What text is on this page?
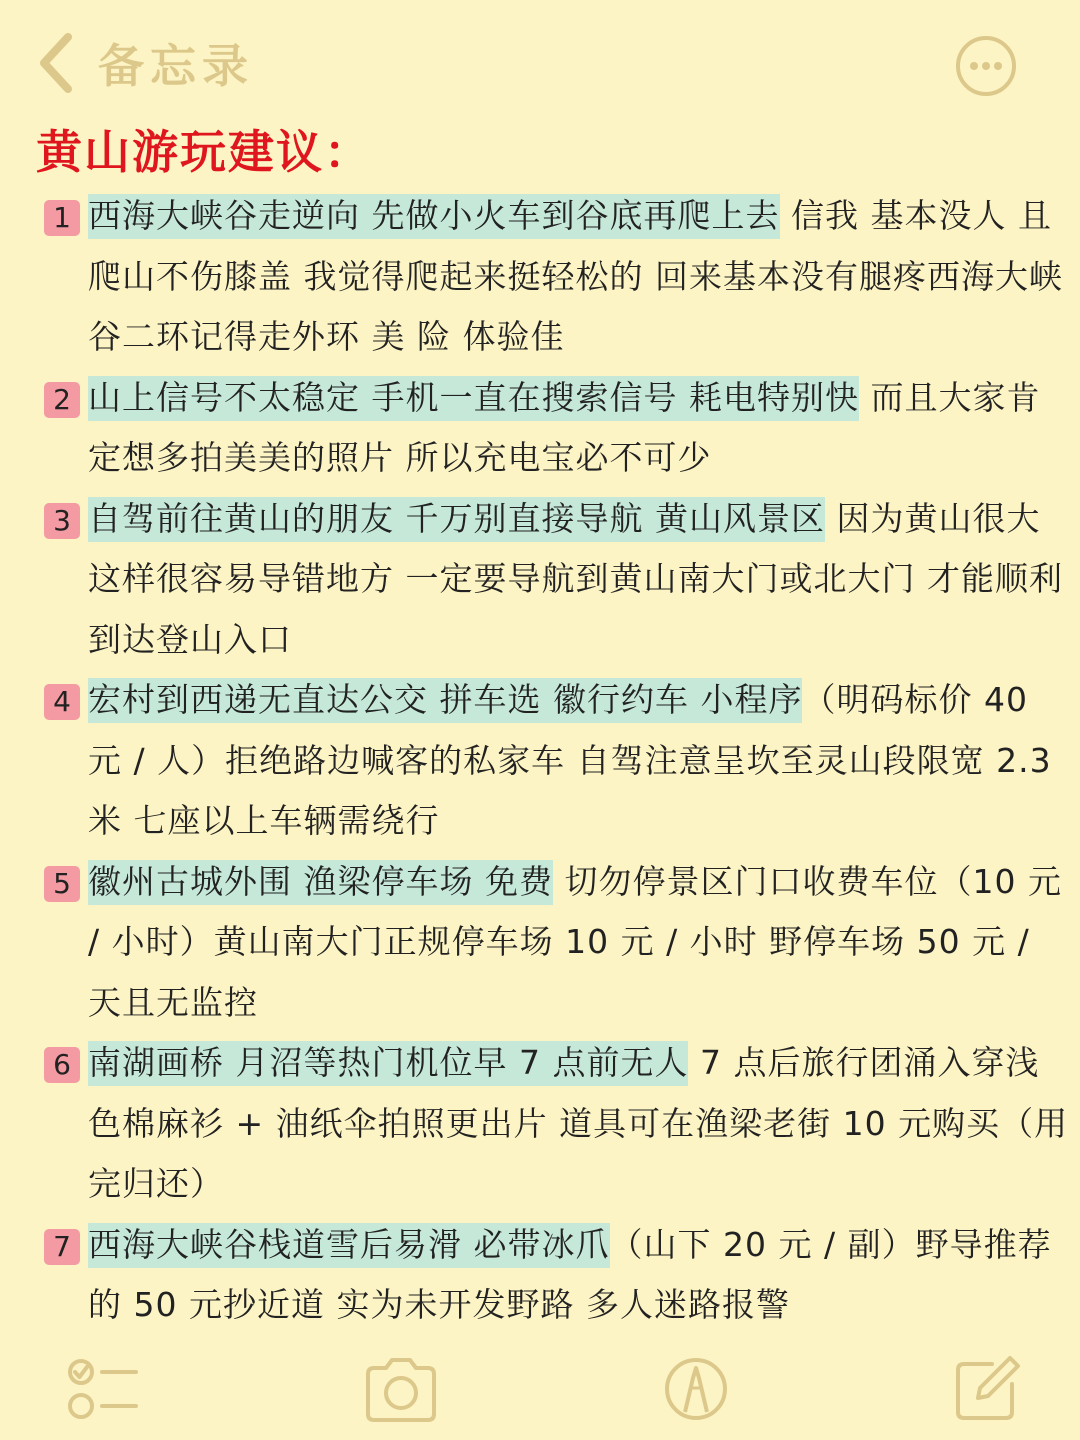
备忘录
黄山游玩建议：
1 西海大峡谷走逆向 先做小火车到谷底再爬上去 信我 基本没人 且爬山不伤膝盖 我觉得爬起来挺轻松的 回来基本没有腿疼西海大峡谷二环记得走外环 美 险 体验佳
2 山上信号不太稳定 手机一直在搜索信号 耗电特别快 而且大家肯定想多拍美美的照片 所以充电宝必不可少
3 自驾前往黄山的朋友 千万别直接导航 黄山风景区 因为黄山很大 这样很容易导错地方 一定要导航到黄山南大门或北大门 才能顺利到达登山入口
4 宏村到西递无直达公交 拼车选 徽行约车 小程序（明码标价 40 元 / 人）拒绝路边喊客的私家车 自驾注意呈坎至灵山段限宽 2.3 米 七座以上车辆需绕行
5 徽州古城外围 渔梁停车场 免费 切勿停景区门口收费车位（10 元 / 小时）黄山南大门正规停车场 10 元 / 小时 野停车场 50 元 / 天且无监控
6 南湖画桥 月沼等热门机位早 7 点前无人 7 点后旅行团涌入穿浅色棉麻衫 + 油纸伞拍照更出片 道具可在渔梁老街 10 元购买（用完归还）
7 西海大峡谷栈道雪后易滑 必带冰爪（山下 20 元 / 副）野导推荐的 50 元抄近道 实为未开发野路 多人迷路报警
